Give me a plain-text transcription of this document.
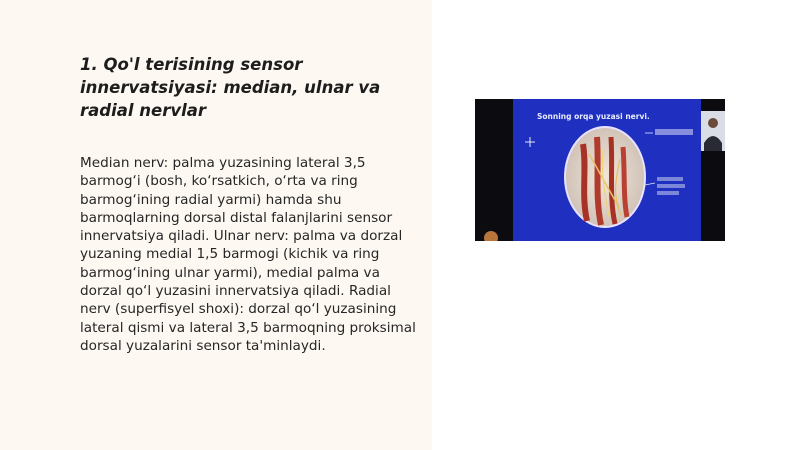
1. Qo'l terisining sensor innervatsiyasi: median, ulnar va radial nervlar

Median nerv: palma yuzasining lateral 3,5 barmog‘i (bosh, ko‘rsatkich, o‘rta va ring barmog‘ining radial yarmi) hamda shu barmoqlarning dorsal distal falanjlarini sensor innervatsiya qiladi. Ulnar nerv: palma va dorzal yuzaning medial 1,5 barmogi (kichik va ring barmog‘ining ulnar yarmi), medial palma va dorzal qo‘l yuzasini innervatsiya qiladi. Radial nerv (superfisyel shoxi): dorzal qo‘l yuzasining lateral qismi va lateral 3,5 barmoqning proksimal dorsal yuzalarini sensor ta'minlaydi.

Sonning orqa yuzasi nervi.
